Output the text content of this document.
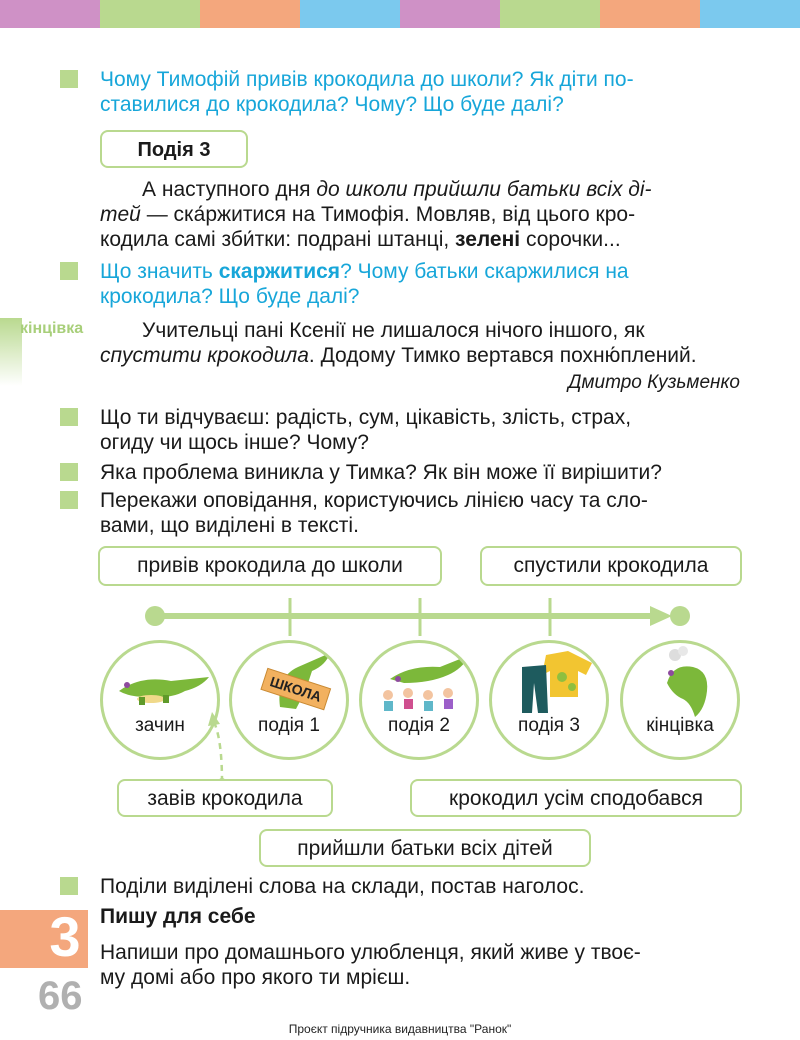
Чому Тимофій привів крокодила до школи? Як діти по-
ставилися до крокодила? Чому? Що буде далі?
Подія 3
А наступного дня до школи прийшли батьки всіх ді-
тей — ска́ржитися на Тимофія. Мовляв, від цього кро-
кодила самі зби́тки: подрані штанці, зелені сорочки...
Що значить скаржитися? Чому батьки скаржилися на
крокодила? Що буде далі?
кінцівка	Учительці пані Ксенії не лишалося нічого іншого, як
спустити крокодила. Додому Тимко вертався похню́плений.
Дмитро Кузьменко
Що ти відчуваєш: радість, сум, цікавість, злість, страх,
огиду чи щось інше? Чому?
Яка проблема виникла у Тимка? Як він може її вирішити?
Перекажи оповідання, користуючись лінією часу та сло-
вами, що виділені в тексті.
привів крокодила до школи	спустили крокодила
зачин
ШКОЛА
подія 1	подія 2	подія 3	кінцівка
завів крокодила	крокодил усім сподобався
прийшли батьки всіх дітей
Поділи виділені слова на склади, постав наголос.
3
66
Пишу для себе
Напиши про домашнього улюбленця, який живе у твоє-
му домі або про якого ти мрієш.
Проєкт підручника видавництва "Ранок"
